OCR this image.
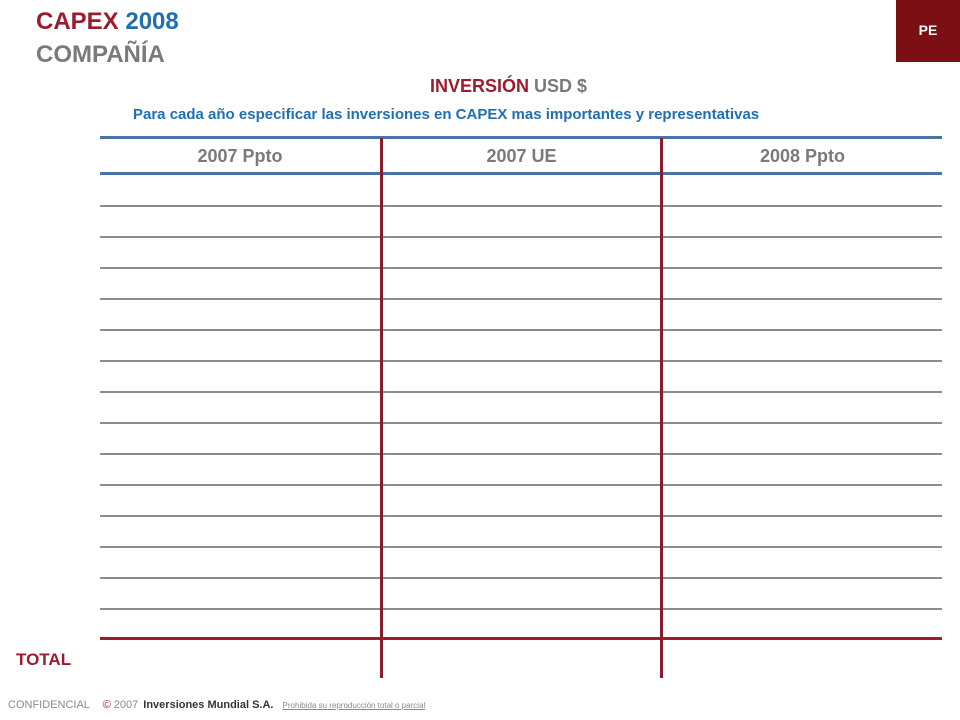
CAPEX 2008
COMPAÑÍA
PE
INVERSIÓN USD $
Para cada año especificar las inversiones en CAPEX mas importantes y representativas
2007 Ppto	2007 UE	2008 Ppto
TOTAL
CONFIDENCIAL © 2007 Inversiones Mundial S.A. Prohibida su reproducción total o parcial
